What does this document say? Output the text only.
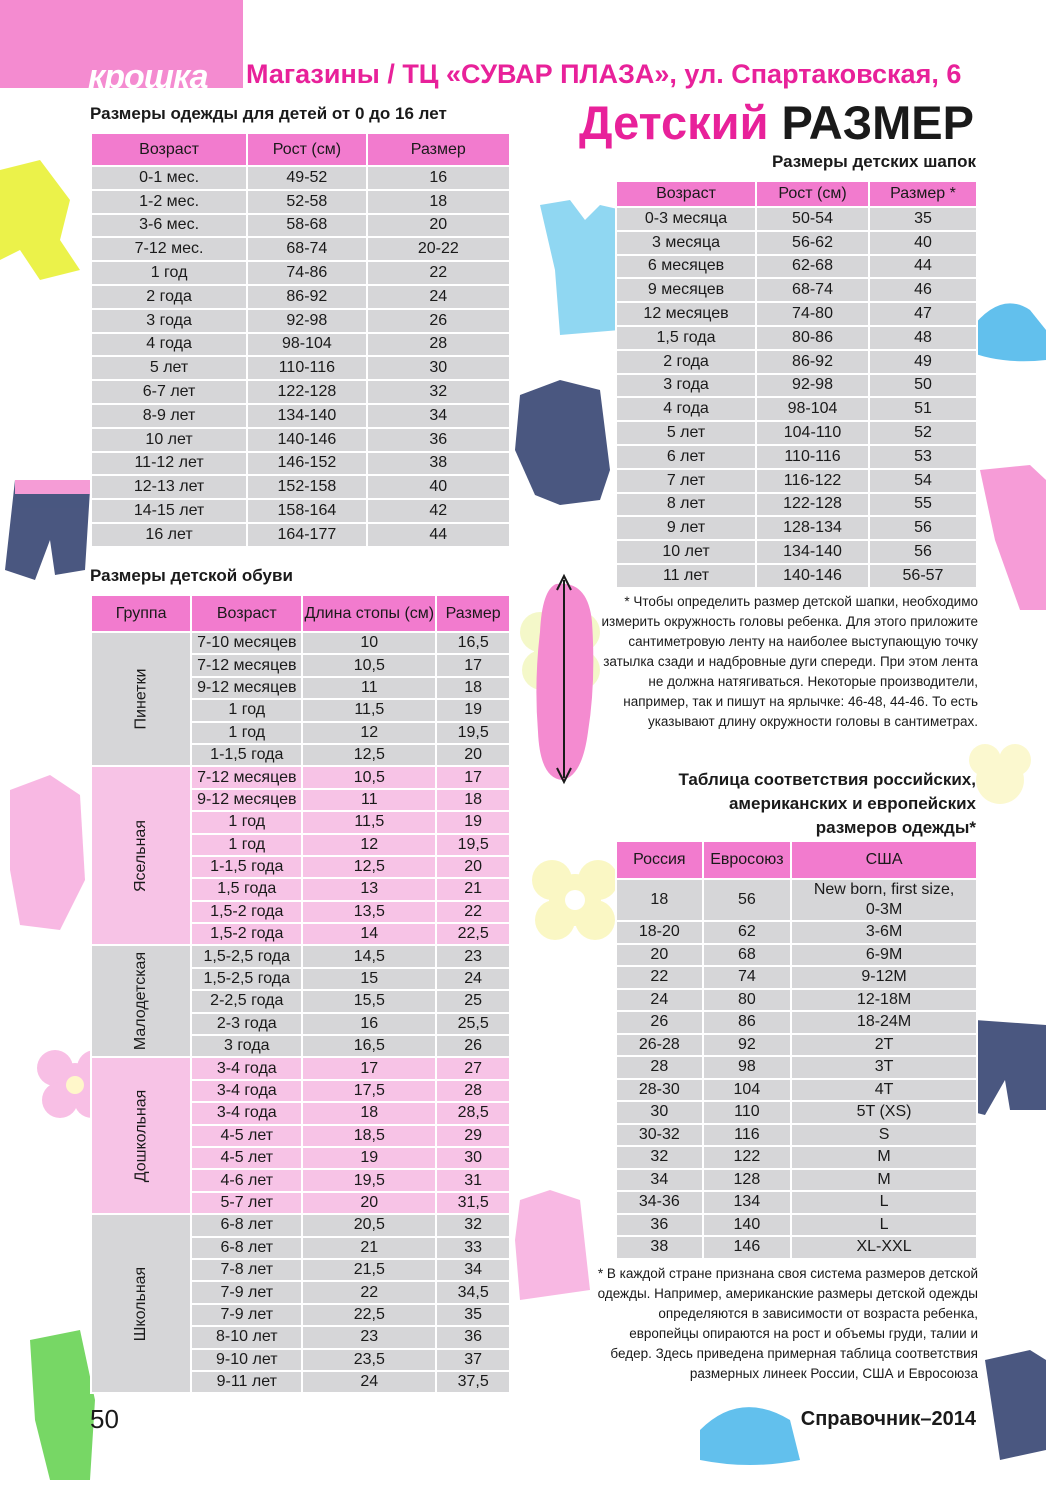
крошка Магазины / ТЦ «СУВАР ПЛАЗА», ул. Спартаковская, 6
Детский РАЗМЕР
Размеры одежды для детей от 0 до 16 лет
Возраст	Рост (см)	Размер
0-1 мес.	49-52	16
1-2 мес.	52-58	18
3-6 мес.	58-68	20
7-12 мес.	68-74	20-22
1 год	74-86	22
2 года	86-92	24
3 года	92-98	26
4 года	98-104	28
5 лет	110-116	30
6-7 лет	122-128	32
8-9 лет	134-140	34
10 лет	140-146	36
11-12 лет	146-152	38
12-13 лет	152-158	40
14-15 лет	158-164	42
16 лет	164-177	44
Размеры детских шапок
Возраст	Рост (см)	Размер *
0-3 месяца	50-54	35
3 месяца	56-62	40
6 месяцев	62-68	44
9 месяцев	68-74	46
12 месяцев	74-80	47
1,5 года	80-86	48
2 года	86-92	49
3 года	92-98	50
4 года	98-104	51
5 лет	104-110	52
6 лет	110-116	53
7 лет	116-122	54
8 лет	122-128	55
9 лет	128-134	56
10 лет	134-140	56
11 лет	140-146	56-57
* Чтобы определить размер детской шапки, необходимо измерить окружность головы ребенка. Для этого приложите сантиметровую ленту на наиболее выступающую точку затылка сзади и надбровные дуги спереди. При этом лента не должна натягиваться. Некоторые производители, например, так и пишут на ярлычке: 46-48, 44-46. То есть указывают длину окружности головы в сантиметрах.
Размеры детской обуви
Группа	Возраст	Длина стопы (см)	Размер
Пинетки	7-10 месяцев	10	16,5
	7-12 месяцев	10,5	17
	9-12 месяцев	11	18
	1 год	11,5	19
	1 год	12	19,5
	1-1,5 года	12,5	20
Ясельная	7-12 месяцев	10,5	17
	9-12 месяцев	11	18
	1 год	11,5	19
	1 год	12	19,5
	1-1,5 года	12,5	20
	1,5 года	13	21
	1,5-2 года	13,5	22
	1,5-2 года	14	22,5
Малодетская	1,5-2,5 года	14,5	23
	1,5-2,5 года	15	24
	2-2,5 года	15,5	25
	2-3 года	16	25,5
	3 года	16,5	26
Дошкольная	3-4 года	17	27
	3-4 года	17,5	28
	3-4 года	18	28,5
	4-5 лет	18,5	29
	4-5 лет	19	30
	4-6 лет	19,5	31
	5-7 лет	20	31,5
Школьная	6-8 лет	20,5	32
	6-8 лет	21	33
	7-8 лет	21,5	34
	7-9 лет	22	34,5
	7-9 лет	22,5	35
	8-10 лет	23	36
	9-10 лет	23,5	37
	9-11 лет	24	37,5
Таблица соответствия российских,
американских и европейских
размеров одежды*
Россия	Евросоюз	США
18	56	New born, first size,
0-3M

18-20	62	3-6M
20	68	6-9M
22	74	9-12M
24	80	12-18M
26	86	18-24M
26-28	92	2T
28	98	3T
28-30	104	4T
30	110	5T (XS)
30-32	116	S
32	122	M
34	128	M
34-36	134	L
36	140	L
38	146	XL-XXL
* В каждой стране признана своя система размеров детской одежды. Например, американские размеры детской одежды определяются в зависимости от возраста ребенка, европейцы опираются на рост и объемы груди, талии и бедер. Здесь приведена примерная таблица соответствия размерных линеек России, США и Евросоюза
50	Справочник–2014
